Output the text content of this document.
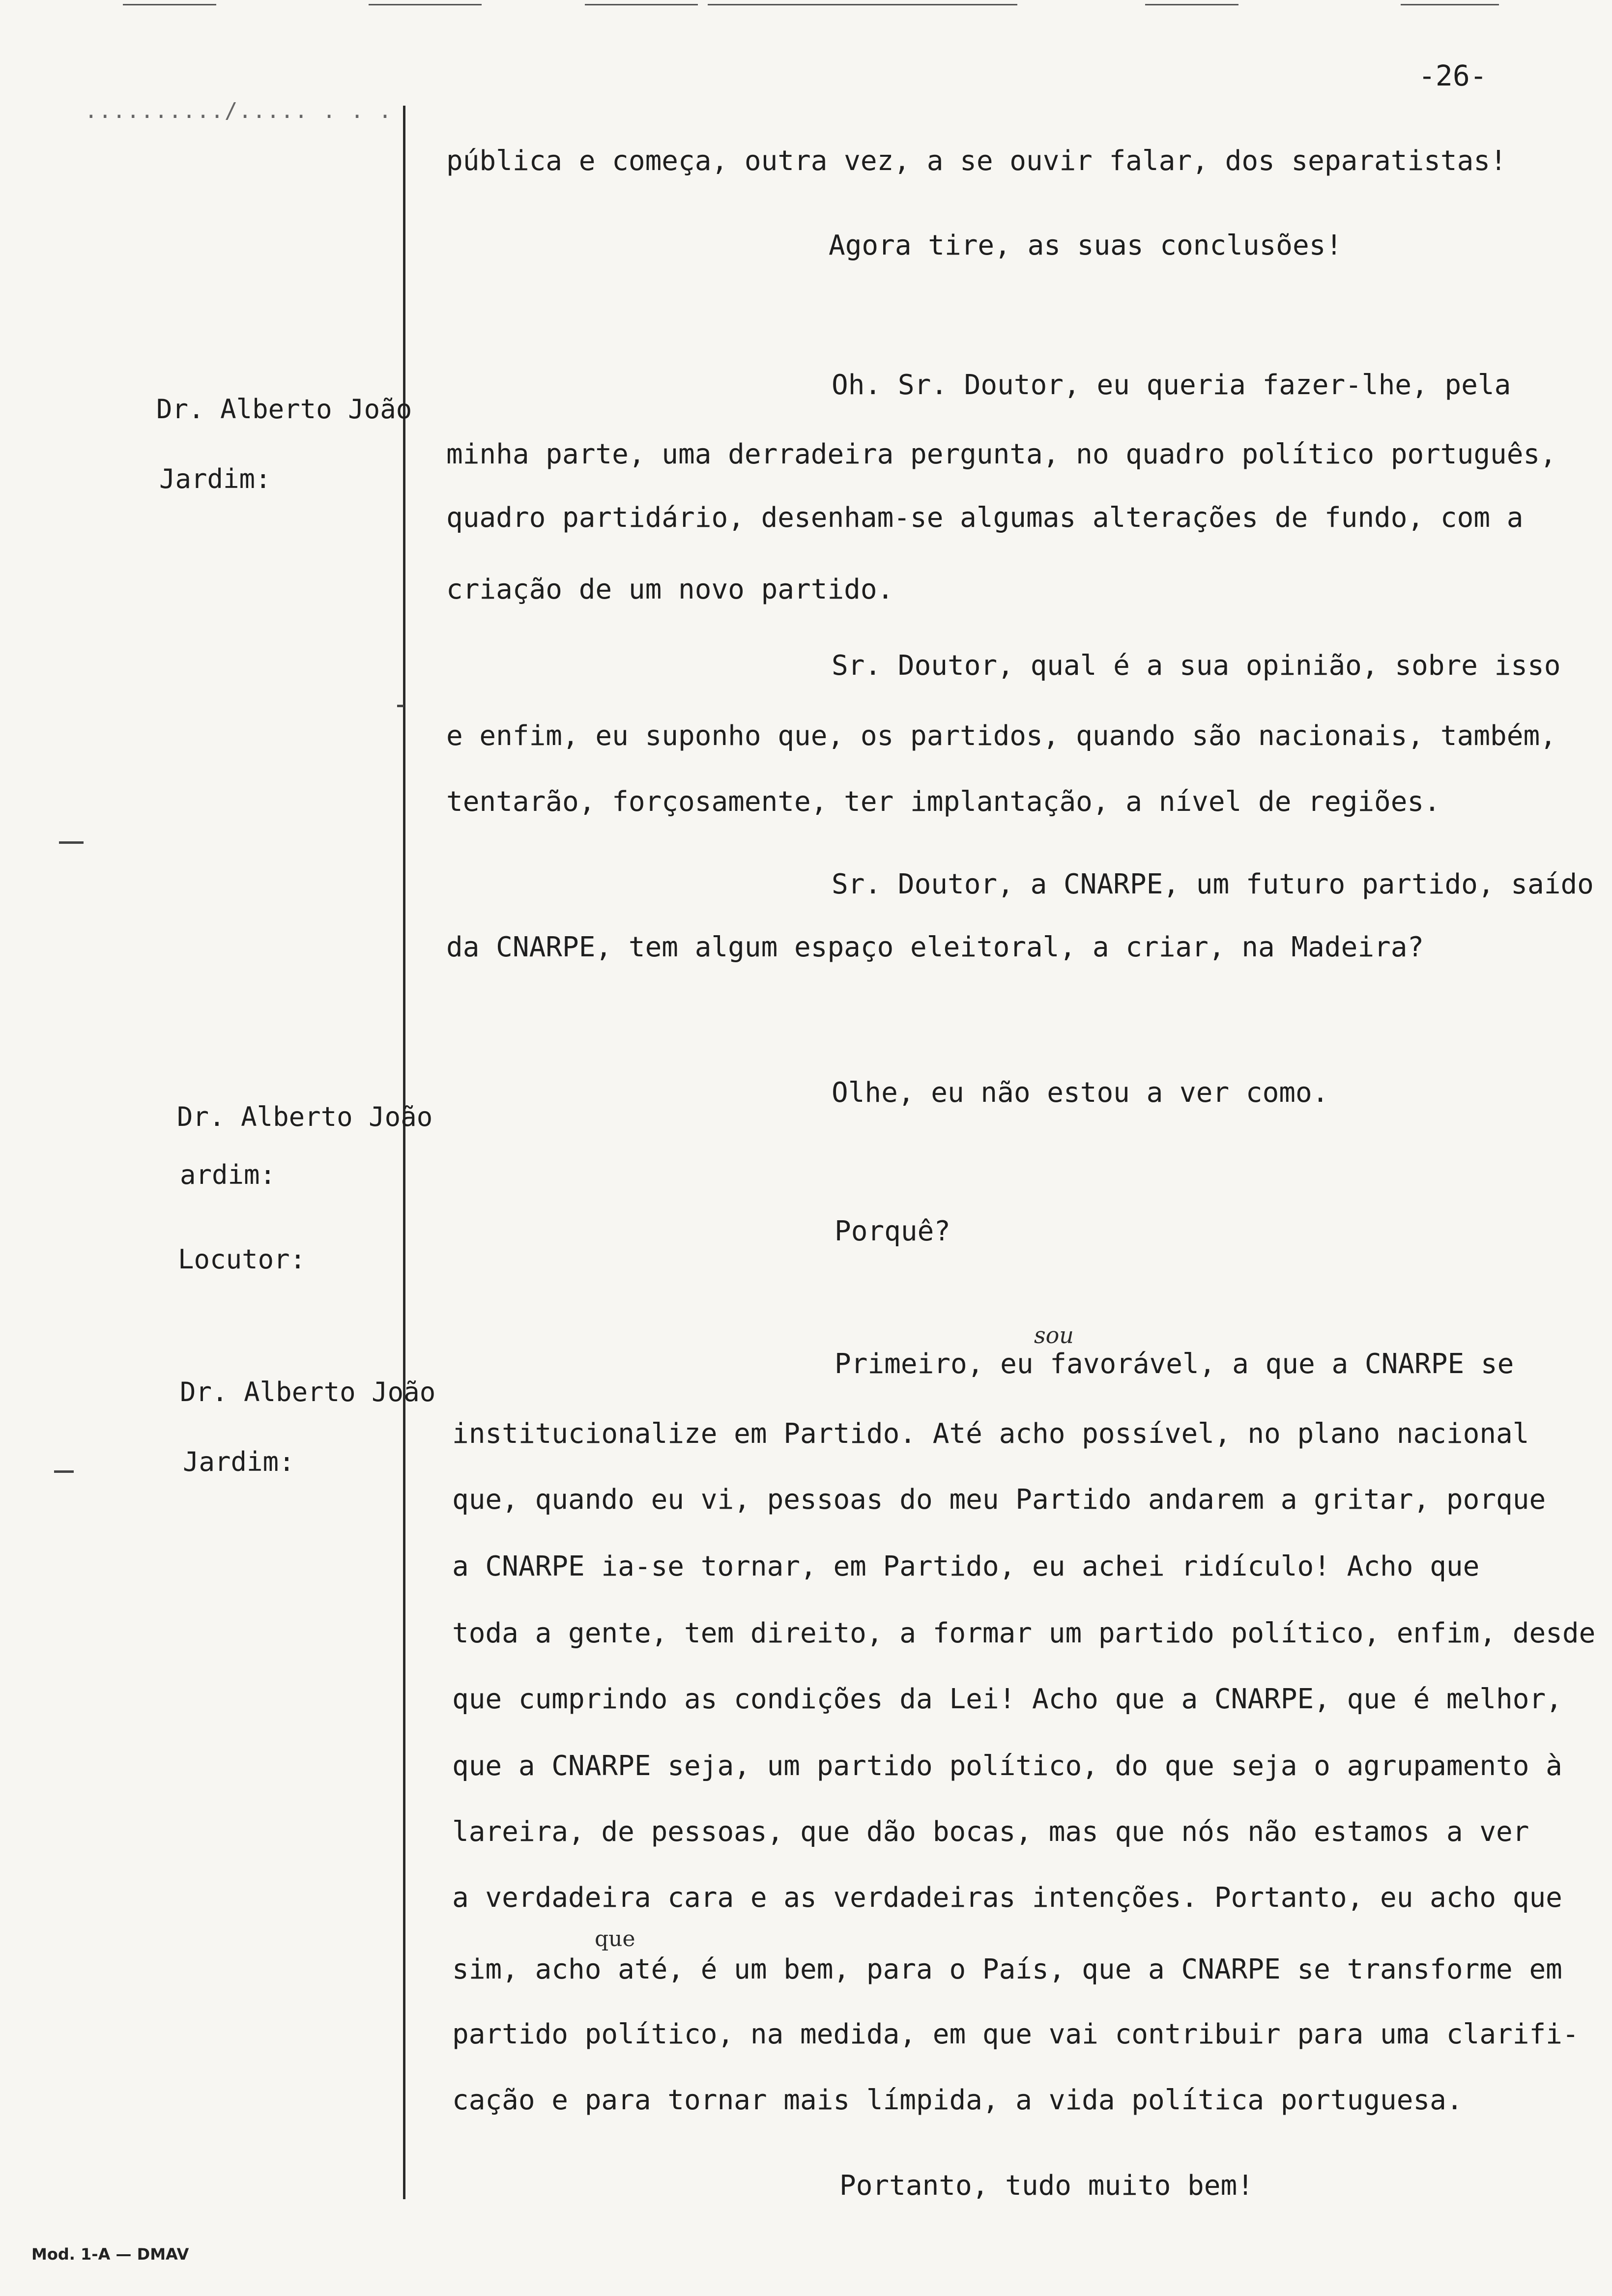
........../..... . . .
-26-

Dr. Alberto João

Jardim:

Dr. Alberto João

ardim:

Locutor:

Dr. Alberto João

Jardim:

pública e começa, outra vez, a se ouvir falar, dos separatistas!
Agora tire, as suas conclusões!
Oh. Sr. Doutor, eu queria fazer-lhe, pela
minha parte, uma derradeira pergunta, no quadro político português,
quadro partidário, desenham-se algumas alterações de fundo, com a
criação de um novo partido.
Sr. Doutor, qual é a sua opinião, sobre isso
e enfim, eu suponho que, os partidos, quando são nacionais, também,
tentarão, forçosamente, ter implantação, a nível de regiões.
Sr. Doutor, a CNARPE, um futuro partido, saído
da CNARPE, tem algum espaço eleitoral, a criar, na Madeira?
Olhe, eu não estou a ver como.
Porquê?
Primeiro, eu favorável, a que a CNARPE se
institucionalize em Partido. Até acho possível, no plano nacional
que, quando eu vi, pessoas do meu Partido andarem a gritar, porque
a CNARPE ia-se tornar, em Partido, eu achei ridículo! Acho que
toda a gente, tem direito, a formar um partido político, enfim, desde
que cumprindo as condições da Lei! Acho que a CNARPE, que é melhor,
que a CNARPE seja, um partido político, do que seja o agrupamento à
lareira, de pessoas, que dão bocas, mas que nós não estamos a ver
a verdadeira cara e as verdadeiras intenções. Portanto, eu acho que
sim, acho até, é um bem, para o País, que a CNARPE se transforme em
partido político, na medida, em que vai contribuir para uma clarifi-
cação e para tornar mais límpida, a vida política portuguesa.
Portanto, tudo muito bem!
sou
que
Mod. 1-A — DMAV
